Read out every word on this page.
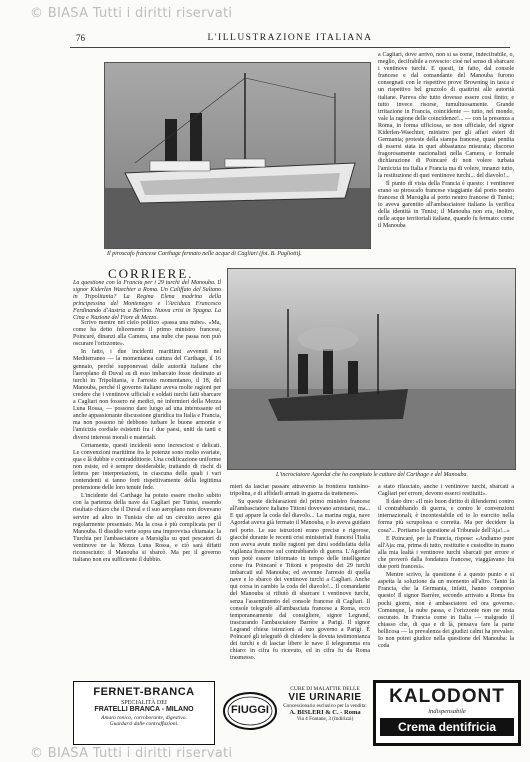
© BIASA Tutti i diritti riservati
© BIASA Tutti i diritti riservati
76	L'ILLUSTRAZIONE ITALIANA
Il piroscafo francese Carthage fermato nelle acque di Cagliari (fot. B. Pagliotti).

a Cagliari, dove arrivò, non si sa come, indecifrabile, o, meglio, decifrabile a rovescio: cioè nel senso di sbarcare i ventinove turchi. E questi, in fatto, dal console francese e dal comandante del Manouba furono consegnati con le rispettive prove Browning in tasca e un rispettivo bel gruzzolo di quattrini alle autorità italiane. Pareva che tutto dovesse essere così finito; e tutto invece risorse, tumultuosamente. Grande irritazione in Francia, coincidente — tutto, nel mondo, vale la ragione delle coincidenze!... — con la presenza a Roma, in forma ufficiosa, se non ufficiale, del signor Kiderlen-Waechter, ministro per gli affari esteri di Germania; proteste della stampa francese, quasi pentita di essersi stata in quei abbastanza misurata; discorso fragorosamente nazionalisti nella Camera, e formale dichiarazione di Poincaré di non volere turbata l'amicizia tra Italia e Francia ma di volere, innanzi tutto, la restituzione di quei ventinove turchi... del diavolo!...

Il punto di vista della Francia è questo: i ventinove erano su piroscafo francese viaggiante dal porto neutro francese di Marsiglia al porto neutro francese di Tunisi; io aveva garentito all'ambasciatore italiano la verifica della identità in Tunisi; il Manouba non era, inoltre, nelle acque territoriali italiane, quando fu fermato: come il Manouba

CORRIERE.
La questione con la Francia per i 29 turchi del Manouba. Il signor Kiderlen Waechter a Roma. Un Califfato del Sultano in Tripolitania? La Regina Elena madrina della principessina del Montenegro e l'Arciduca Francesco Ferdinando d'Austria a Berlino. Nuova crisi in Spagna. La Cina e Nazione del Fiore di Mezzo.

Scrivo mentre nel cielo politico «passa una nube». «Ma, come ha detto felicemente il primo ministro francese, Poincaré, dinanzi alla Camera, una nube che passa non può oscurare l'orizzonte».

In fatto, i due incidenti marittimi avvenuti nel Mediterraneo — la momentanea cattura del Carthage, il 16 gennaio, perché supponevasi dalle autorità italiane che l'aeroplano di Duval su di esso imbarcato fosse destinato ai turchi in Tripolitania, e l'arresto momentaneo, il 18, del Manouba, perché il governo italiano aveva molte ragioni per credere che i ventinove ufficiali e soldati turchi fatti sbarcare a Cagliari non fossero nè medici, nè infermieri della Mezza Luna Rossa, — possono dare luogo ad una interessante ed anche appassionante discussione giuridica tra Italia e Francia, ma non possono nè debbono turbare le buone armonie e l'amicizia cordiale esistenti fra i due paesi, uniti da tanti e diversi interessi morali e materiali.

Certamente, questi incidenti sono incresciosi e delicati. Le convenzioni marittime fra le potenze sono molto svariate, qua e là dubbie e contraddittorie. Una codificazione uniforme non esiste, ed è sempre desiderabile, trattando di rischi di lettera per interpretazioni, in ciascuna delle quali i vari contendenti si tanno forti rispettivamente della legittima pretensione delle loro tenute fede.

L'incidente del Carthage ha potuto essere risolto subito con la partenza della nave da Cagliari per Tunisi, essendo risultato chiaro che il Duval e il suo aeroplano non dovevano servire ad altro in Tunisia che ad un circuito aereo già regolarmente presentato. Ma la cosa è più complicata per il Manouba. Il dissidio verte sopra una improvvisa chiamata: la Turchia per l'ambasciatore a Marsiglia su quei pescatori di ventinove ne la Mezza Luna Rossa, e ciò sarà difatti riconosciuto: il Manouba si sbarcò. Ma per il governo italiano non era sufficiente il dubbio.

L'incrociatore Agordat che ha compiuto le catture del Carthage e del Manouba.

mieri da lasciar passare attraverso la frontiera tunisino-tripolina, e di affidarli armati in guerra da trattenere».

Su queste dichiarazioni del primo ministro francese all'ambasciatore italiano Tittoni dovevano arrestarsi, ma... E qui appare la coda del diavolo... La marina regia, nave Agordat aveva già fermato il Manouba, e lo aveva guidato nel porto. Le sue istruzioni erano precise e rigorose, giacché durante le recenti crisi ministeriali francesi l'Italia non aveva avute molte ragioni per dirsi soddisfatta della vigilanza francese sul contrabbando di guerra. L'Agordat non potè essere informato in tempo delle intelligenze corse fra Poincaré e Tittoni e proposito dei 29 turchi imbarcati sul Manouba; ed avvenne l'arresto di quella nave e lo sbarco dei ventinove turchi a Cagliari. Anche qui corsa in cambio la coda del diavolo!... Il comandante del Manouba si rifiutò di sbarcare i ventinove turchi, senza l'assentimento del console francese di Cagliari. Il console telegrafò all'ambasciata francese a Roma, ecco temporaneamente dal consigliere, signor Legrand, trascurando l'ambasciatore Barrère a Parigi. Il signor Legrand chiese istruzioni al suo governo a Parigi. È Poincaré gli telegrafò di chiedere la dovuta testimonianza dei turchi e di lasciar libere le nave il telegramma era chiaro: in cifra fu ricevuto, ed in cifra fu da Roma trasmesso.

a stato rilasciato, anche i ventinove turchi, sbarcati a Cagliari per errore, devono esserci restituiti».

Il dato dire: «Il mio buon diritto di difendermi contro il contrabbando di guerra, e contro le convenzioni internazionali, è incontestabile ed io lo esercito nella forma più scrupolosa e corretta. Ma per decidere la cosa?... Portiamo la questione al Tribunale dell'Aja!...»

E Poincaré, per la Francia, rispose: «Andiamo pure all'Aja: ma, prima di tutto, restituite e custodite in mano alla mia lealtà i ventinove turchi sbarcati per errore e che proverò dalla fondatura francese, viaggiavano fra due porti francesi».

Mentre scrivo, la questione è a questo punto e si aspetta la soluzione da un momento all'altro. Tanto la Francia, che la Germania, infatti, hanno compreso questo! Il signor Barrère, secondo arrivato a Roma fra pochi giorni, non è ambasciatore ed ora governo. Comunque, la nube passa, e l'orizzonte non ne resta oscurato. In Francia come in Italia — malgrado il chiasso che, di qua e di là, pensava fare la parte bellicosa — la prevalenza dei giudizi calmi ha prevalso. Io non potrei giudice nella questione del Manouba: la coda

FERNET-BRANCA
SPECIALITÀ DEI
FRATELLI BRANCA - MILANO
Amaro tonico, corroborante, digestivo.
Guardarsi dalle contraffazioni.
FIUGGI
CURE DI MALATTIE DELLE
VIE URINARIE
Concessionario esclusivo per la vendita:
A. BISLERI & C. - Roma
Via 4 Fontane, 3 (Indirizzi)
KALODONT
indispensabile
Crema dentifricia
